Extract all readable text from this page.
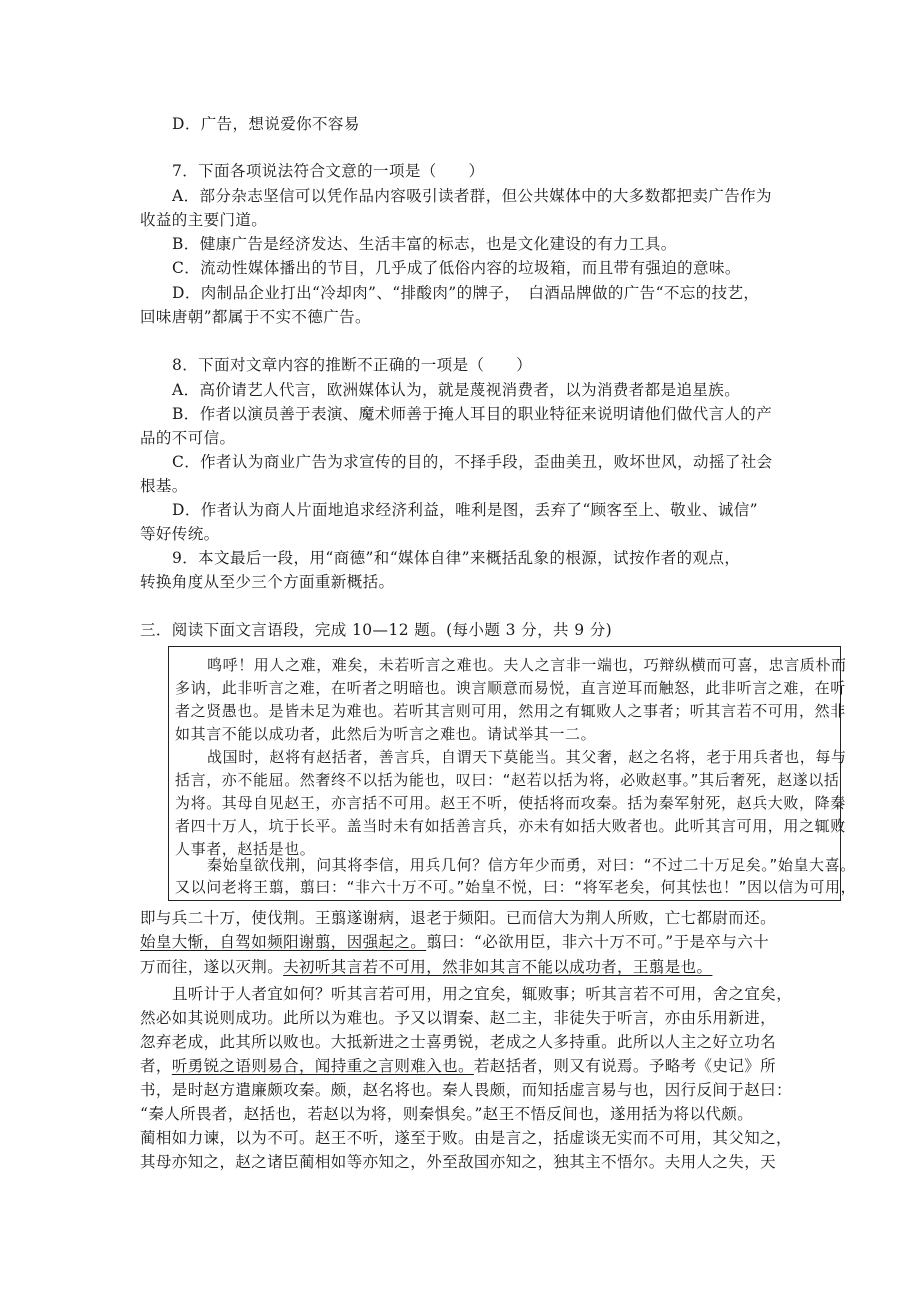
D．广告，想说爱你不容易
7．下面各项说法符合文意的一项是（　　）
A．部分杂志坚信可以凭作品内容吸引读者群，但公共媒体中的大多数都把卖广告作为
收益的主要门道。
B．健康广告是经济发达、生活丰富的标志，也是文化建设的有力工具。
C．流动性媒体播出的节目，几乎成了低俗内容的垃圾箱，而且带有强迫的意味。
D．肉制品企业打出“冷却肉”、“排酸肉”的牌子，　白酒品牌做的广告“不忘的技艺，
回味唐朝”都属于不实不德广告。
8．下面对文章内容的推断不正确的一项是（　　）
A．高价请艺人代言，欧洲媒体认为，就是蔑视消费者，以为消费者都是追星族。
B．作者以演员善于表演、魔术师善于掩人耳目的职业特征来说明请他们做代言人的产
品的不可信。
C．作者认为商业广告为求宣传的目的，不择手段，歪曲美丑，败坏世风，动摇了社会
根基。
D．作者认为商人片面地追求经济利益，唯利是图，丢弃了“顾客至上、敬业、诚信”
等好传统。
9．本文最后一段，用“商德”和“媒体自律”来概括乱象的根源，试按作者的观点，
转换角度从至少三个方面重新概括。
三．阅读下面文言语段，完成 10—12 题。(每小题 3 分，共 9 分)
鸣呼！用人之难，难矣，未若听言之难也。夫人之言非一端也，巧辩纵横而可喜，忠言质朴而
多讷，此非听言之难，在听者之明暗也。谀言顺意而易悦，直言逆耳而触怒，此非听言之难，在听
者之贤愚也。是皆未足为难也。若听其言则可用，然用之有辄败人之事者；听其言若不可用，然非
如其言不能以成功者，此然后为听言之难也。请试举其一二。
战国时，赵将有赵括者，善言兵，自谓天下莫能当。其父奢，赵之名将，老于用兵者也，每与
括言，亦不能屈。然奢终不以括为能也，叹曰：“赵若以括为将，必败赵事。”其后奢死，赵遂以括
为将。其母自见赵王，亦言括不可用。赵王不听，使括将而攻秦。括为秦军射死，赵兵大败，降秦
者四十万人，坑于长平。盖当时未有如括善言兵，亦未有如括大败者也。此听其言可用，用之辄败
人事者，赵括是也。
秦始皇欲伐荆，问其将李信，用兵几何？信方年少而勇，对曰：“不过二十万足矣。”始皇大喜。
又以问老将王翦，翦曰：“非六十万不可。”始皇不悦，曰：“将军老矣，何其怯也！”因以信为可用，
即与兵二十万，使伐荆。王翦遂谢病，退老于频阳。已而信大为荆人所败，亡七都尉而还。
始皇大惭，自驾如频阳谢翦，因强起之。翦曰：“必欲用臣，非六十万不可。”于是卒与六十
万而往，遂以灭荆。夫初听其言若不可用，然非如其言不能以成功者，王翦是也。
且听计于人者宜如何？听其言若可用，用之宜矣，辄败事；听其言若不可用，舍之宜矣，
然必如其说则成功。此所以为难也。予又以谓秦、赵二主，非徒失于听言，亦由乐用新进，
忽弃老成，此其所以败也。大抵新进之士喜勇锐，老成之人多持重。此所以人主之好立功名
者，听勇锐之语则易合，闻持重之言则难入也。若赵括者，则又有说焉。予略考《史记》所
书，是时赵方遣廉颇攻秦。颇，赵名将也。秦人畏颇，而知括虚言易与也，因行反间于赵曰：
“秦人所畏者，赵括也，若赵以为将，则秦惧矣。”赵王不悟反间也，遂用括为将以代颇。
蔺相如力谏，以为不可。赵王不听，遂至于败。由是言之，括虚谈无实而不可用，其父知之，
其母亦知之，赵之诸臣蔺相如等亦知之，外至敌国亦知之，独其主不悟尔。夫用人之失，天
